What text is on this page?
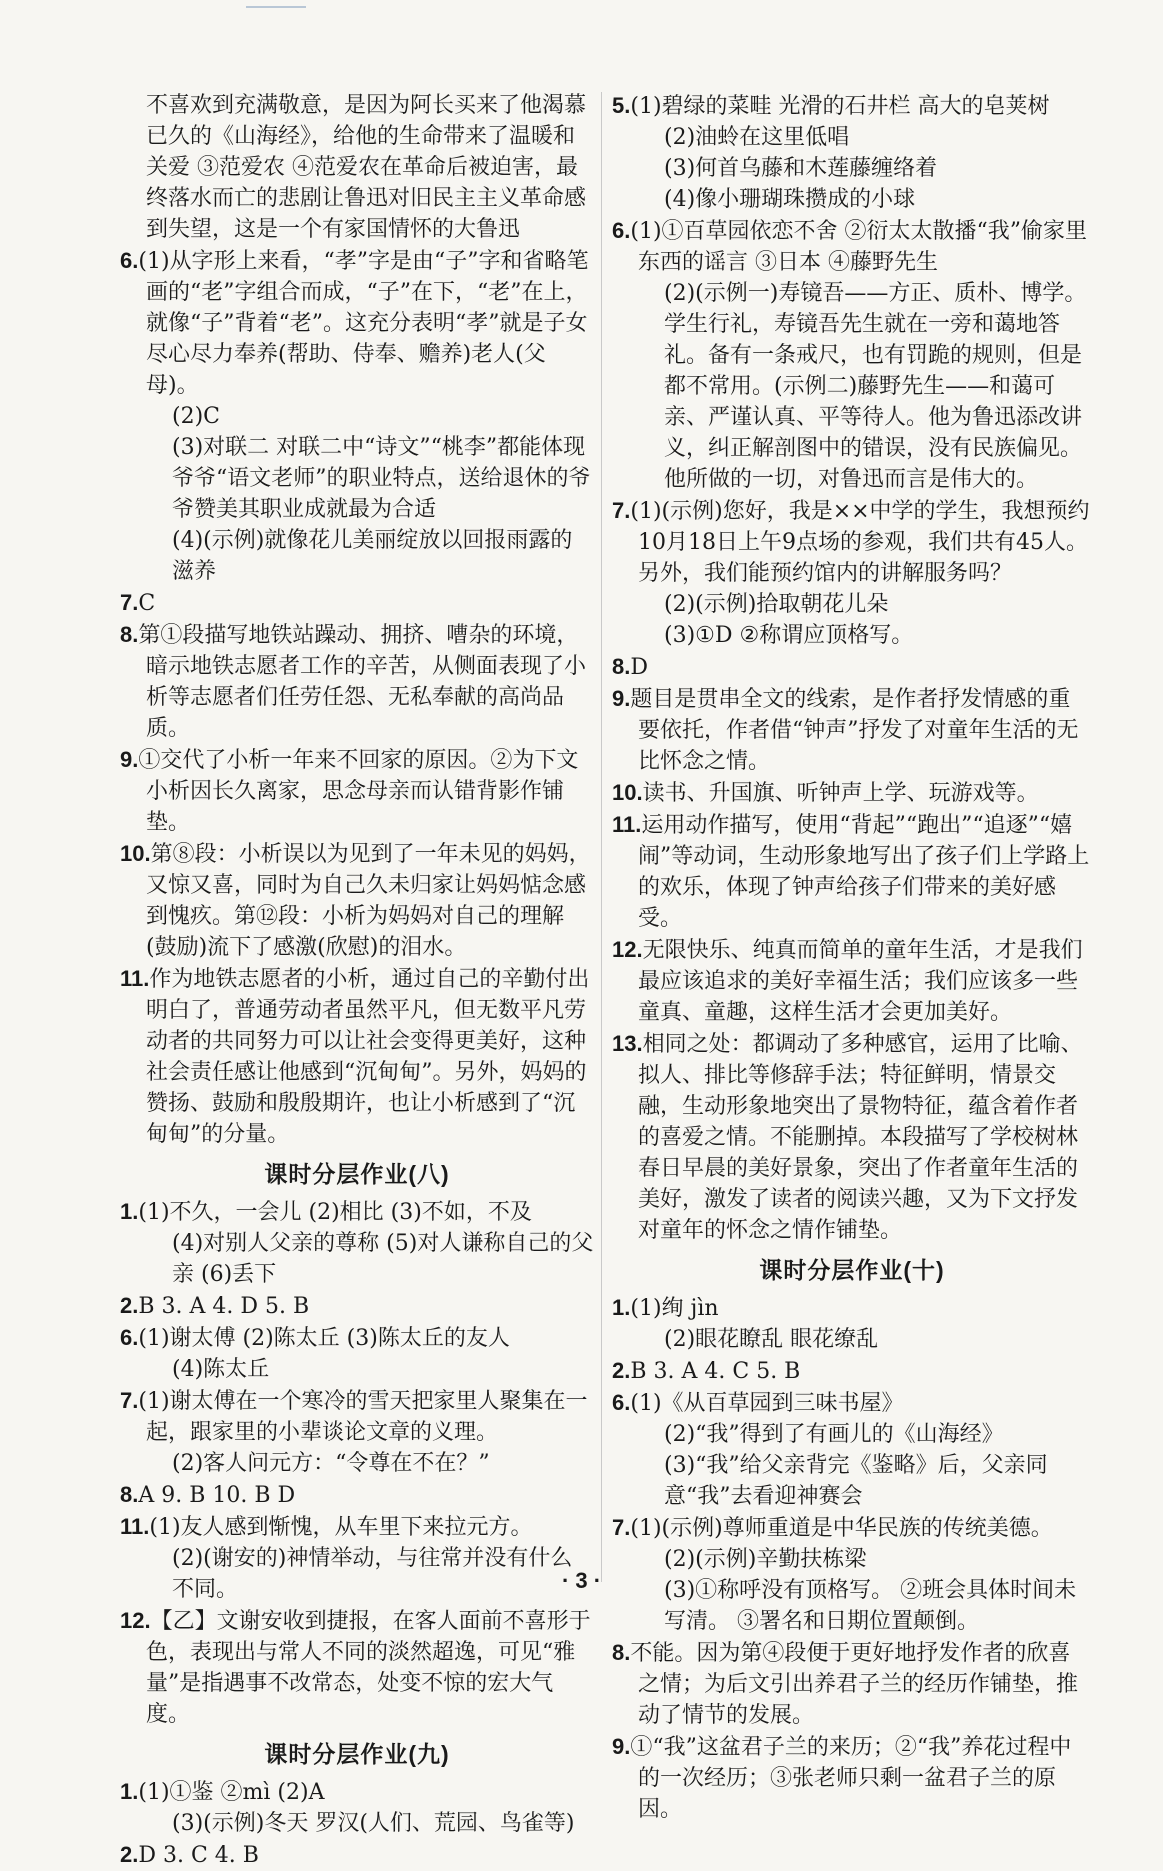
不喜欢到充满敬意，是因为阿长买来了他渴慕已久的《山海经》，给他的生命带来了温暖和关爱 ③范爱农 ④范爱农在革命后被迫害，最终落水而亡的悲剧让鲁迅对旧民主主义革命感到失望，这是一个有家国情怀的大鲁迅

6.(1)从字形上来看，“孝”字是由“子”字和省略笔画的“老”字组合而成，“子”在下，“老”在上，就像“子”背着“老”。这充分表明“孝”就是子女尽心尽力奉养(帮助、侍奉、赡养)老人(父母)。
(2)C
(3)对联二 对联二中“诗文”“桃李”都能体现爷爷“语文老师”的职业特点，送给退休的爷爷赞美其职业成就最为合适
(4)(示例)就像花儿美丽绽放以回报雨露的滋养

7.C

8.第①段描写地铁站躁动、拥挤、嘈杂的环境，暗示地铁志愿者工作的辛苦，从侧面表现了小析等志愿者们任劳任怨、无私奉献的高尚品质。

9.①交代了小析一年来不回家的原因。②为下文小析因长久离家，思念母亲而认错背影作铺垫。

10.第⑧段：小析误以为见到了一年未见的妈妈，又惊又喜，同时为自己久未归家让妈妈惦念感到愧疚。第⑫段：小析为妈妈对自己的理解(鼓励)流下了感激(欣慰)的泪水。

11.作为地铁志愿者的小析，通过自己的辛勤付出明白了，普通劳动者虽然平凡，但无数平凡劳动者的共同努力可以让社会变得更美好，这种社会责任感让他感到“沉甸甸”。另外，妈妈的赞扬、鼓励和殷殷期许，也让小析感到了“沉甸甸”的分量。

课时分层作业(八)

1.(1)不久，一会儿 (2)相比 (3)不如，不及
(4)对别人父亲的尊称 (5)对人谦称自己的父亲 (6)丢下

2.B 3. A 4. D 5. B

6.(1)谢太傅 (2)陈太丘 (3)陈太丘的友人
(4)陈太丘

7.(1)谢太傅在一个寒冷的雪天把家里人聚集在一起，跟家里的小辈谈论文章的义理。
(2)客人问元方：“令尊在不在？”

8.A 9. B 10. B D

11.(1)友人感到惭愧，从车里下来拉元方。
(2)(谢安的)神情举动，与往常并没有什么不同。

12.【乙】文谢安收到捷报，在客人面前不喜形于色，表现出与常人不同的淡然超逸，可见“雅量”是指遇事不改常态，处变不惊的宏大气度。

课时分层作业(九)

1.(1)①鉴 ②mì (2)A
(3)(示例)冬天 罗汉(人们、荒园、鸟雀等)

2.D 3. C 4. B

5.(1)碧绿的菜畦 光滑的石井栏 高大的皂荚树
(2)油蛉在这里低唱
(3)何首乌藤和木莲藤缠络着
(4)像小珊瑚珠攒成的小球

6.(1)①百草园依恋不舍 ②衍太太散播“我”偷家里东西的谣言 ③日本 ④藤野先生
(2)(示例一)寿镜吾——方正、质朴、博学。学生行礼，寿镜吾先生就在一旁和蔼地答礼。备有一条戒尺，也有罚跪的规则，但是都不常用。(示例二)藤野先生——和蔼可亲、严谨认真、平等待人。他为鲁迅添改讲义，纠正解剖图中的错误，没有民族偏见。他所做的一切，对鲁迅而言是伟大的。

7.(1)(示例)您好，我是××中学的学生，我想预约10月18日上午9点场的参观，我们共有45人。另外，我们能预约馆内的讲解服务吗？
(2)(示例)拾取朝花儿朵
(3)①D ②称谓应顶格写。

8.D

9.题目是贯串全文的线索，是作者抒发情感的重要依托，作者借“钟声”抒发了对童年生活的无比怀念之情。

10.读书、升国旗、听钟声上学、玩游戏等。

11.运用动作描写，使用“背起”“跑出”“追逐”“嬉闹”等动词，生动形象地写出了孩子们上学路上的欢乐，体现了钟声给孩子们带来的美好感受。

12.无限快乐、纯真而简单的童年生活，才是我们最应该追求的美好幸福生活；我们应该多一些童真、童趣，这样生活才会更加美好。

13.相同之处：都调动了多种感官，运用了比喻、拟人、排比等修辞手法；特征鲜明，情景交融，生动形象地突出了景物特征，蕴含着作者的喜爱之情。不能删掉。本段描写了学校树林春日早晨的美好景象，突出了作者童年生活的美好，激发了读者的阅读兴趣，又为下文抒发对童年的怀念之情作铺垫。

课时分层作业(十)

1.(1)绚 jìn
(2)眼花瞭乱 眼花缭乱

2.B 3. A 4. C 5. B

6.(1)《从百草园到三味书屋》
(2)“我”得到了有画儿的《山海经》
(3)“我”给父亲背完《鉴略》后，父亲同意“我”去看迎神赛会

7.(1)(示例)尊师重道是中华民族的传统美德。
(2)(示例)辛勤扶栋梁
(3)①称呼没有顶格写。 ②班会具体时间未写清。 ③署名和日期位置颠倒。

8.不能。因为第④段便于更好地抒发作者的欣喜之情；为后文引出养君子兰的经历作铺垫，推动了情节的发展。

9.①“我”这盆君子兰的来历；②“我”养花过程中的一次经历；③张老师只剩一盆君子兰的原因。

· 3 ·
